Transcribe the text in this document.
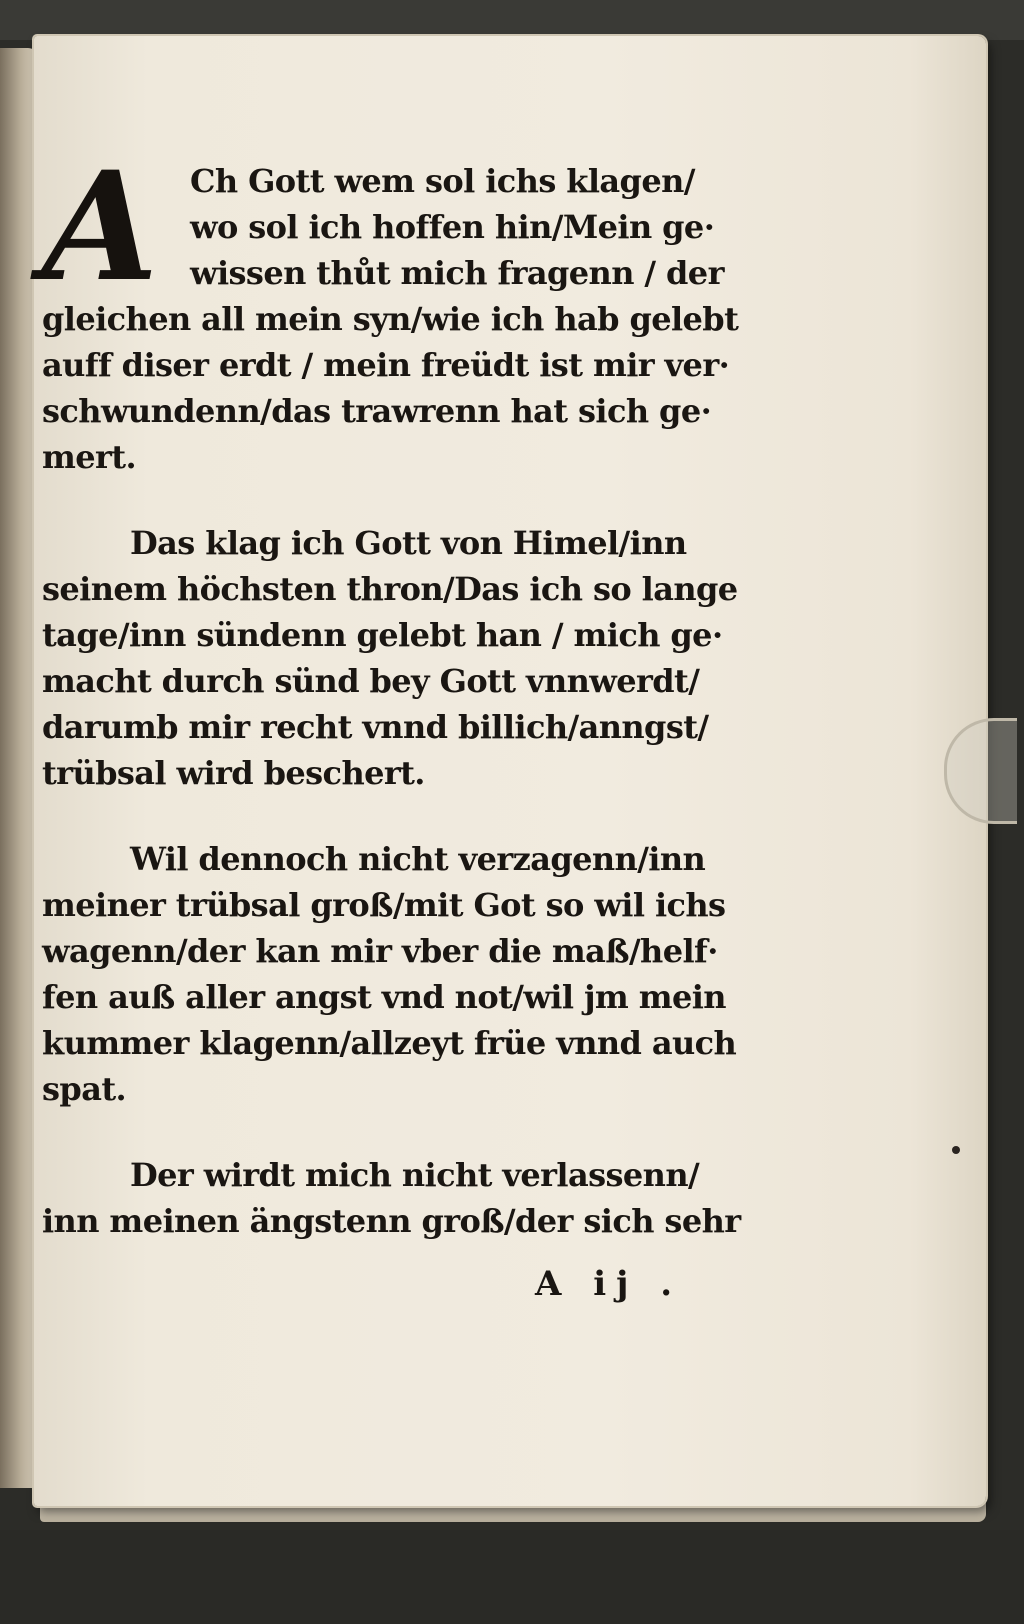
A	Ch Gott wem sol ichs klagen/
wo sol ich hoffen hin/Mein ge·
wissen thůt mich fragenn / der
gleichen all mein syn/wie ich hab gelebt
auff diser erdt / mein freüdt ist mir ver·
schwundenn/das trawrenn hat sich ge·
mert.
Das klag ich Gott von Himel/inn
seinem höchsten thron/Das ich so lange
tage/inn sündenn gelebt han / mich ge·
macht durch sünd bey Gott vnnwerdt/
darumb mir recht vnnd billich/anngst/
trübsal wird beschert.
Wil dennoch nicht verzagenn/inn
meiner trübsal groß/mit Got so wil ichs
wagenn/der kan mir vber die maß/helf·
fen auß aller angst vnd not/wil jm mein
kummer klagenn/allzeyt früe vnnd auch
spat.
Der wirdt mich nicht verlassenn/
inn meinen ängstenn groß/der sich sehr
A ij .
